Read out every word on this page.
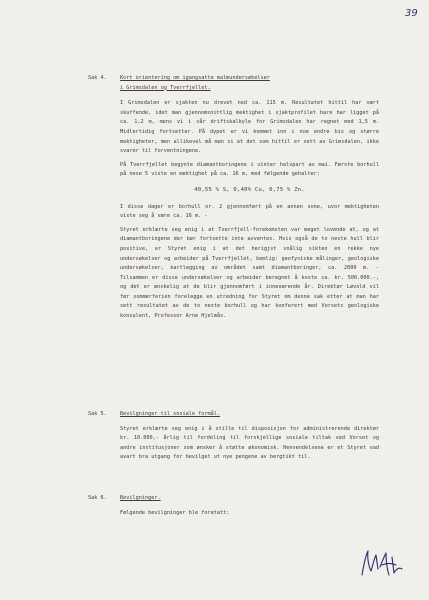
39
Sak 4.	Kort orientering om igangsatte malmundersøkelser
i Grimsdalen og Tverrfjellet.

I Grimsdalen er sjakten nu drevet ned ca. 115 m. Resultatet hittil har vært skuffende, idet man gjennomsnittlig mektighet i sjaktprofilet bare har ligget på ca. 1,2 m, mens vi i vår driftskalkyle for Grimsdalen har regnet med 1,5 m. Midlertidig fortsetter. På dypet er vi kommet inn i noe endre bis og større mektigheter, men allikevel må man si at det som hittil er sett av Grimsdalen, ikke svarer til forventningene.

På Tverrfjellet begynte diamantboringene i vinter halvpart av mai. Første borhull på nese 5 viste en mektighet på ca. 16 m, med følgende gehalter:

40,55 % S, 0,40% Cu, 0,75 % Zn.

I disse dager er borhull nr. 2 gjennomført på en annen sone, uvor mektigheten viste seg å være ca. 16 m. -

Styret erklærte seg enig i at Tverrfjell-forekomsten var meget lovende at, og at diamantboringene der bør fortsette inte avventes. Hvis også de to neste hull blir positive, er Styret enig i at det herigjst snålig sikten en rekke nye undersøkelser og arbeider på Tverrfjellet, bemlig: geofysiske målinger, geologiske undersøkelser, kartlegging av området samt diamantboringer, ca. 2000 m. - Tilsammen er disse undersøkelser og arbeider beregnet å koste ca. kr. 500.000.-, og det er ønskelig at de blir gjennomført i inneværende år. Direktør Løvold vil før sommerferien forelegge en utredning for Styret om denne sak etter at man har sett resultatet av de to neste borhull og har konferert med Vorsets geologiske konsulent, Professor Arne Hjelmås.

Sak 5.	Bevilgninger til sosiale formål.

Styret erklærte seg enig i å stille til disposisjon for administrerende direktør kr. 10.000,- årlig til fordeling til forskjellige sosiale tiltak ved Vorset og andre institusjoner som ønsker å støtte økonomisk. Henvendelsene er et Styret vad avart bra utgang for bevilget ut nye pengene av bergtikt til.

Sak 6.	Bevilgninger.

Følgende bevilgninger ble foretatt:
